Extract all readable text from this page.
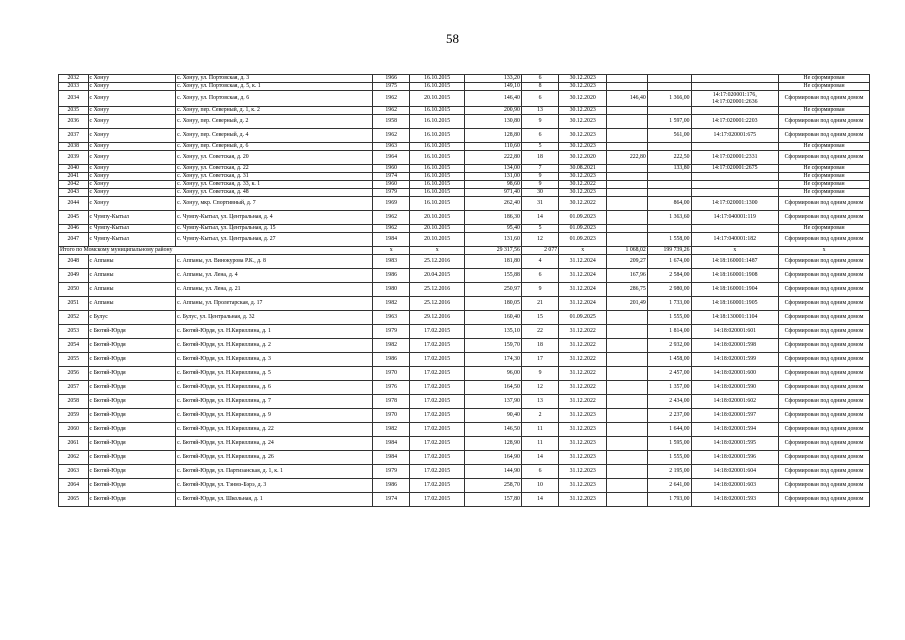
58
2032	с Хонуу	с. Хонуу, ул. Портовская, д. 3	1966	16.10.2015	133,20	6	30.12.2023				Не сформирован
2033	с Хонуу	с. Хонуу, ул. Портовская, д. 5, к. 1	1975	16.10.2015	149,10	8	30.12.2023				Не сформирован
2034	с Хонуу	с. Хонуу, ул. Портовская, д. 6	1962	20.10.2015	146,40	6	30.12.2020	146,40	1 366,00	14:17:020001:176, 14:17:020001:2636	Сформирован под одним домом
2035	с Хонуу	с. Хонуу, пер. Северный, д. 1, к. 2	1962	16.10.2015	200,90	13	30.12.2023				Не сформирован
2036	с Хонуу	с. Хонуу, пер. Северный, д. 2	1958	16.10.2015	130,80	9	30.12.2023		1 597,00	14:17:020001:2203	Сформирован под одним домом
2037	с Хонуу	с. Хонуу, пер. Северный, д. 4	1962	16.10.2015	128,80	6	30.12.2023		561,00	14:17:020001:675	Сформирован под одним домом
2038	с Хонуу	с. Хонуу, пер. Северный, д. 6	1963	16.10.2015	110,60	5	30.12.2023				Не сформирован
2039	с Хонуу	с. Хонуу, ул. Советская, д. 20	1964	16.10.2015	222,80	18	30.12.2020	222,80	222,50	14:17:020001:2331	Сформирован под одним домом
2040	с Хонуу	с. Хонуу, ул. Советская, д. 22	1960	16.10.2015	134,00	7	30.08.2021		133,80	14:17:020001:2675	Не сформирован
2041	с Хонуу	с. Хонуу, ул. Советская, д. 31	1974	16.10.2015	131,00	9	30.12.2023				Не сформирован
2042	с Хонуу	с. Хонуу, ул. Советская, д. 33, к. 1	1960	16.10.2015	98,60	9	30.12.2022				Не сформирован
2043	с Хонуу	с. Хонуу, ул. Советская, д. 48	1979	16.10.2015	971,40	30	30.12.2023				Не сформирован
2044	с Хонуу	с. Хонуу, мкр. Спортивный, д. 7	1969	16.10.2015	262,40	31	30.12.2022		864,00	14:17:020001:1300	Сформирован под одним домом
2045	с Чумпу-Кытыл	с. Чумпу-Кытыл, ул. Центральная, д. 4	1962	20.10.2015	186,30	14	01.09.2023		1 363,60	14:17:040001:119	Сформирован под одним домом
2046	с Чумпу-Кытыл	с. Чумпу-Кытыл, ул. Центральная, д. 15	1962	20.10.2015	95,40	5	01.09.2023				Не сформирован
2047	с Чумпу-Кытыл	с. Чумпу-Кытыл, ул. Центральная, д. 27	1984	20.10.2015	131,60	12	01.09.2023		1 558,00	14:17:040001:182	Сформирован под одним домом
Итого по Момскому муниципальному району			x	x	29 317,56	2 077	x	1 068,02	199 739,26	x	x
2048	с Аппаны	с. Аппаны, ул. Винокурова Р.К., д. 8	1983	25.12.2016	181,80	4	31.12.2024	209,27	1 674,00	14:18:160001:1487	Сформирован под одним домом
2049	с Аппаны	с. Аппаны, ул. Лена, д. 4	1986	20.04.2015	155,88	6	31.12.2024	167,96	2 584,00	14:18:160001:1908	Сформирован под одним домом
2050	с Аппаны	с. Аппаны, ул. Лена, д. 21	1980	25.12.2016	250,97	9	31.12.2024	286,75	2 980,00	14:18:160001:1904	Сформирован под одним домом
2051	с Аппаны	с. Аппаны, ул. Пролетарская, д. 17	1982	25.12.2016	180,05	21	31.12.2024	201,49	1 733,00	14:18:160001:1905	Сформирован под одним домом
2052	с Булус	с. Булус, ул. Центральная, д. 32	1963	29.12.2016	160,40	15	01.09.2025		1 555,00	14:18:130001:1104	Сформирован под одним домом
2053	с Бютяй-Юрдя	с. Бютяй-Юрдя, ул. Н.Кириллина, д. 1	1979	17.02.2015	135,10	22	31.12.2022		1 814,00	14:18:020001:601	Сформирован под одним домом
2054	с Бютяй-Юрдя	с. Бютяй-Юрдя, ул. Н.Кириллина, д. 2	1982	17.02.2015	159,70	18	31.12.2022		2 932,00	14:18:020001:598	Сформирован под одним домом
2055	с Бютяй-Юрдя	с. Бютяй-Юрдя, ул. Н.Кириллина, д. 3	1986	17.02.2015	174,30	17	31.12.2022		1 458,00	14:18:020001:599	Сформирован под одним домом
2056	с Бютяй-Юрдя	с. Бютяй-Юрдя, ул. Н.Кириллина, д. 5	1970	17.02.2015	96,00	9	31.12.2022		2 457,00	14:18:020001:600	Сформирован под одним домом
2057	с Бютяй-Юрдя	с. Бютяй-Юрдя, ул. Н.Кириллина, д. 6	1976	17.02.2015	164,50	12	31.12.2022		1 357,00	14:18:020001:590	Сформирован под одним домом
2058	с Бютяй-Юрдя	с. Бютяй-Юрдя, ул. Н.Кириллина, д. 7	1978	17.02.2015	137,90	13	31.12.2022		2 434,00	14:18:020001:602	Сформирован под одним домом
2059	с Бютяй-Юрдя	с. Бютяй-Юрдя, ул. Н.Кириллина, д. 9	1970	17.02.2015	90,40	2	31.12.2023		2 237,00	14:18:020001:597	Сформирован под одним домом
2060	с Бютяй-Юрдя	с. Бютяй-Юрдя, ул. Н.Кириллина, д. 22	1982	17.02.2015	146,50	11	31.12.2023		1 644,00	14:18:020001:594	Сформирован под одним домом
2061	с Бютяй-Юрдя	с. Бютяй-Юрдя, ул. Н.Кириллина, д. 24	1984	17.02.2015	128,90	11	31.12.2023		1 595,00	14:18:020001:595	Сформирован под одним домом
2062	с Бютяй-Юрдя	с. Бютяй-Юрдя, ул. Н.Кириллина, д. 26	1984	17.02.2015	164,90	14	31.12.2023		1 555,00	14:18:020001:596	Сформирован под одним домом
2063	с Бютяй-Юрдя	с. Бютяй-Юрдя, ул. Партизанская, д. 1, к. 1	1979	17.02.2015	144,90	6	31.12.2023		2 195,00	14:18:020001:604	Сформирован под одним домом
2064	с Бютяй-Юрдя	с. Бютяй-Юрдя, ул. Тэнмэ-Бэрэ, д. 3	1986	17.02.2015	258,70	10	31.12.2023		2 641,00	14:18:020001:603	Сформирован под одним домом
2065	с Бютяй-Юрдя	с. Бютяй-Юрдя, ул. Школьная, д. 1	1974	17.02.2015	157,80	14	31.12.2023		1 793,00	14:18:020001:593	Сформирован под одним домом
